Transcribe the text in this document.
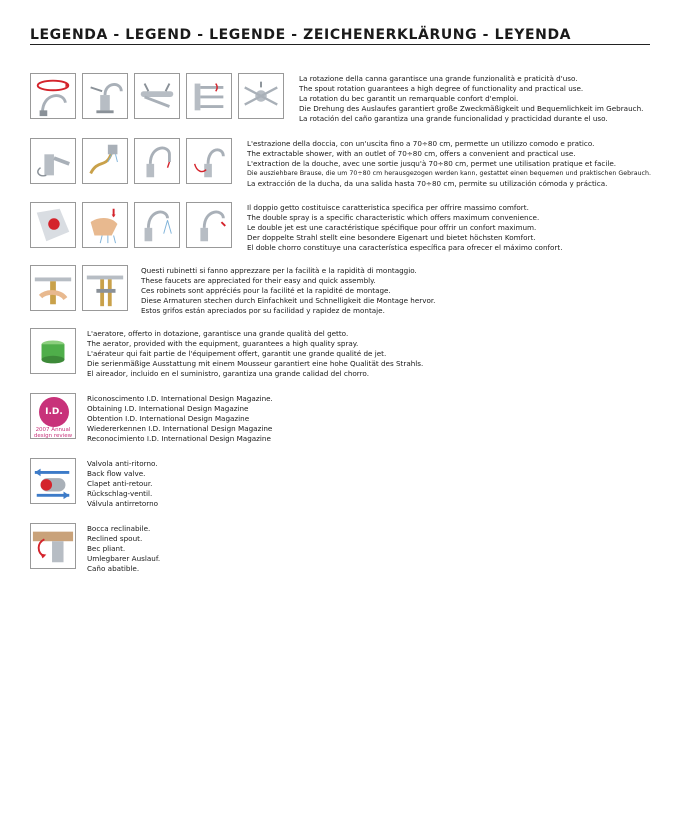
LEGENDA - LEGEND - LEGENDE - ZEICHENERKLÄRUNG - LEYENDA
La rotazione della canna garantisce una grande funzionalità e praticità d'uso.
The spout rotation guarantees a high degree of functionality and practical use.
La rotation du bec garantit un remarquable confort d'emploi.
Die Drehung des Auslaufes garantiert große Zweckmäßigkeit und Bequemlichkeit im Gebrauch.
La rotación del caño garantiza una grande funcionalidad y practicidad durante el uso.
L'estrazione della doccia, con un'uscita fino a 70÷80 cm, permette un utilizzo comodo e pratico.
The extractable shower, with an outlet of 70÷80 cm, offers a convenient and practical use.
L'extraction de la douche, avec une sortie jusqu'à 70÷80 cm, permet une utilisation pratique et facile.
Die ausziehbare Brause, die um 70÷80 cm herausgezogen werden kann, gestattet einen bequemen und praktischen Gebrauch.
La extracción de la ducha, da una salida hasta 70÷80 cm, permite su utilización cómoda y práctica.
Il doppio getto costituisce caratteristica specifica per offrire massimo comfort.
The double spray is a specific characteristic which offers maximum convenience.
Le double jet est une caractéristique spécifique pour offrir un confort maximum.
Der doppelte Strahl stellt eine besondere Eigenart und bietet höchsten Komfort.
El doble chorro constituye una característica específica para ofrecer el máximo confort.
Questi rubinetti si fanno apprezzare per la facilità e la rapidità di montaggio.
These faucets are appreciated for their easy and quick assembly.
Ces robinets sont appréciés pour la facilité et la rapidité de montage.
Diese Armaturen stechen durch Einfachkeit und Schnelligkeit die Montage hervor.
Estos grifos están apreciados por su facilidad y rapidez de montaje.
L'aeratore, offerto in dotazione, garantisce una grande qualità del getto.
The aerator, provided with the equipment, guarantees a high quality spray.
L'aérateur qui fait partie de l'équipement offert, garantit une grande qualité de jet.
Die serienmäßige Ausstattung mit einem Mousseur garantiert eine hohe Qualität des Strahls.
El aireador, incluido en el suministro, garantiza una grande calidad del chorro.
I.D.
2007 Annual
design review
Riconoscimento I.D. International Design Magazine.
Obtaining I.D. International Design Magazine
Obtention I.D. International Design Magazine
Wiedererkennen I.D. International Design Magazine
Reconocimiento I.D. International Design Magazine
Valvola anti-ritorno.
Back flow valve.
Clapet anti-retour.
Rückschlag-ventil.
Válvula antirretorno
Bocca reclinabile.
Reclined spout.
Bec pliant.
Umlegbarer Auslauf.
Caño abatible.
